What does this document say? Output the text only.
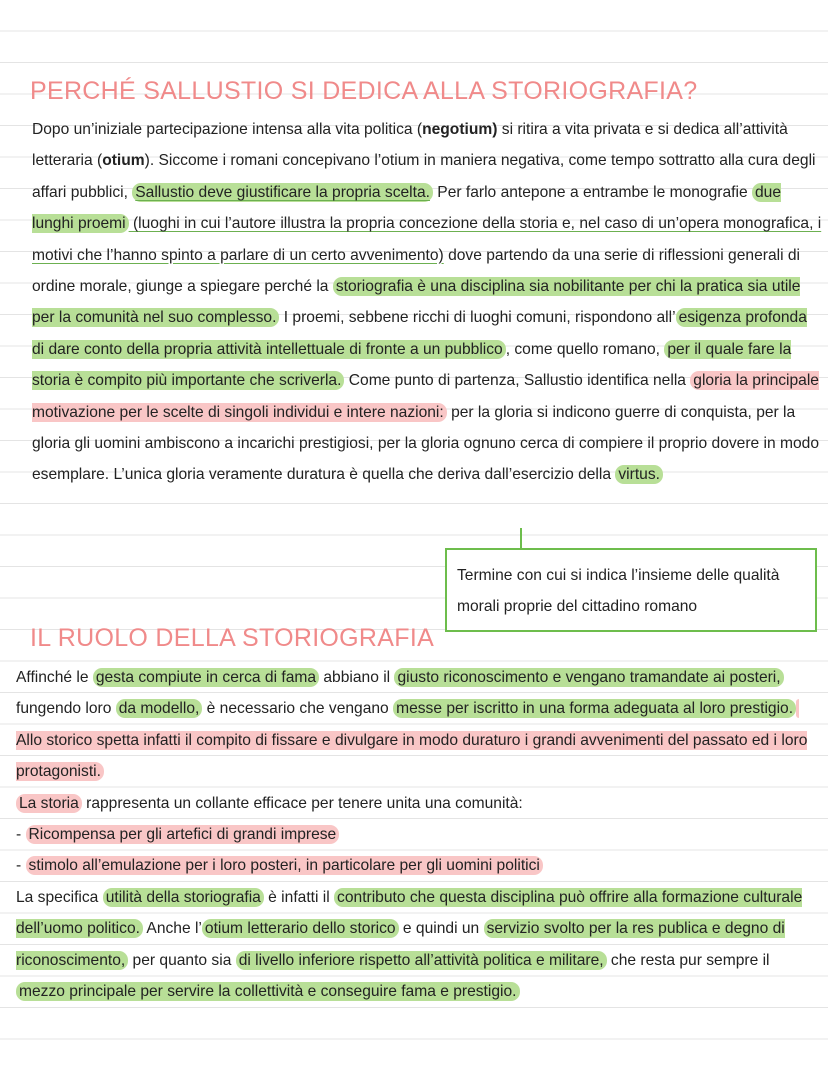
PERCHÉ SALLUSTIO SI DEDICA ALLA STORIOGRAFIA?

Dopo un’iniziale partecipazione intensa alla vita politica (negotium) si ritira a vita privata e si dedica all’attività letteraria (otium). Siccome i romani concepivano l’otium in maniera negativa, come tempo sottratto alla cura degli affari pubblici, Sallustio deve giustificare la propria scelta. Per farlo antepone a entrambe le monografie due lunghi proemi (luoghi in cui l’autore illustra la propria concezione della storia e, nel caso di un’opera monografica, i motivi che l’hanno spinto a parlare di un certo avvenimento) dove partendo da una serie di riflessioni generali di ordine morale, giunge a spiegare perché la storiografia è una disciplina sia nobilitante per chi la pratica sia utile per la comunità nel suo complesso. I proemi, sebbene ricchi di luoghi comuni, rispondono all’ esigenza profonda di dare conto della propria attività intellettuale di fronte a un pubblico , come quello romano, per il quale fare la storia è compito più importante che scriverla. Come punto di partenza, Sallustio identifica nella gloria la principale motivazione per le scelte di singoli individui e intere nazioni: per la gloria si indicono guerre di conquista, per la gloria gli uomini ambiscono a incarichi prestigiosi, per la gloria ognuno cerca di compiere il proprio dovere in modo esemplare. L’unica gloria veramente duratura è quella che deriva dall’esercizio della virtus.

Termine con cui si indica l’insieme delle qualità morali proprie del cittadino romano
IL RUOLO DELLA STORIOGRAFIA

Affinché le gesta compiute in cerca di fama abbiano il giusto riconoscimento e vengano tramandate ai posteri, fungendo loro da modello, è necessario che vengano messe per iscritto in una forma adeguata al loro prestigio. Allo storico spetta infatti il compito di fissare e divulgare in modo duraturo i grandi avvenimenti del passato ed i loro protagonisti.
La storia rappresenta un collante efficace per tenere unita una comunità:
- Ricompensa per gli artefici di grandi imprese
- stimolo all’emulazione per i loro posteri, in particolare per gli uomini politici
La specifica utilità della storiografia è infatti il contributo che questa disciplina può offrire alla formazione culturale dell’uomo politico. Anche l’ otium letterario dello storico e quindi un servizio svolto per la res publica e degno di riconoscimento, per quanto sia di livello inferiore rispetto all’attività politica e militare, che resta pur sempre il mezzo principale per servire la collettività e conseguire fama e prestigio.
